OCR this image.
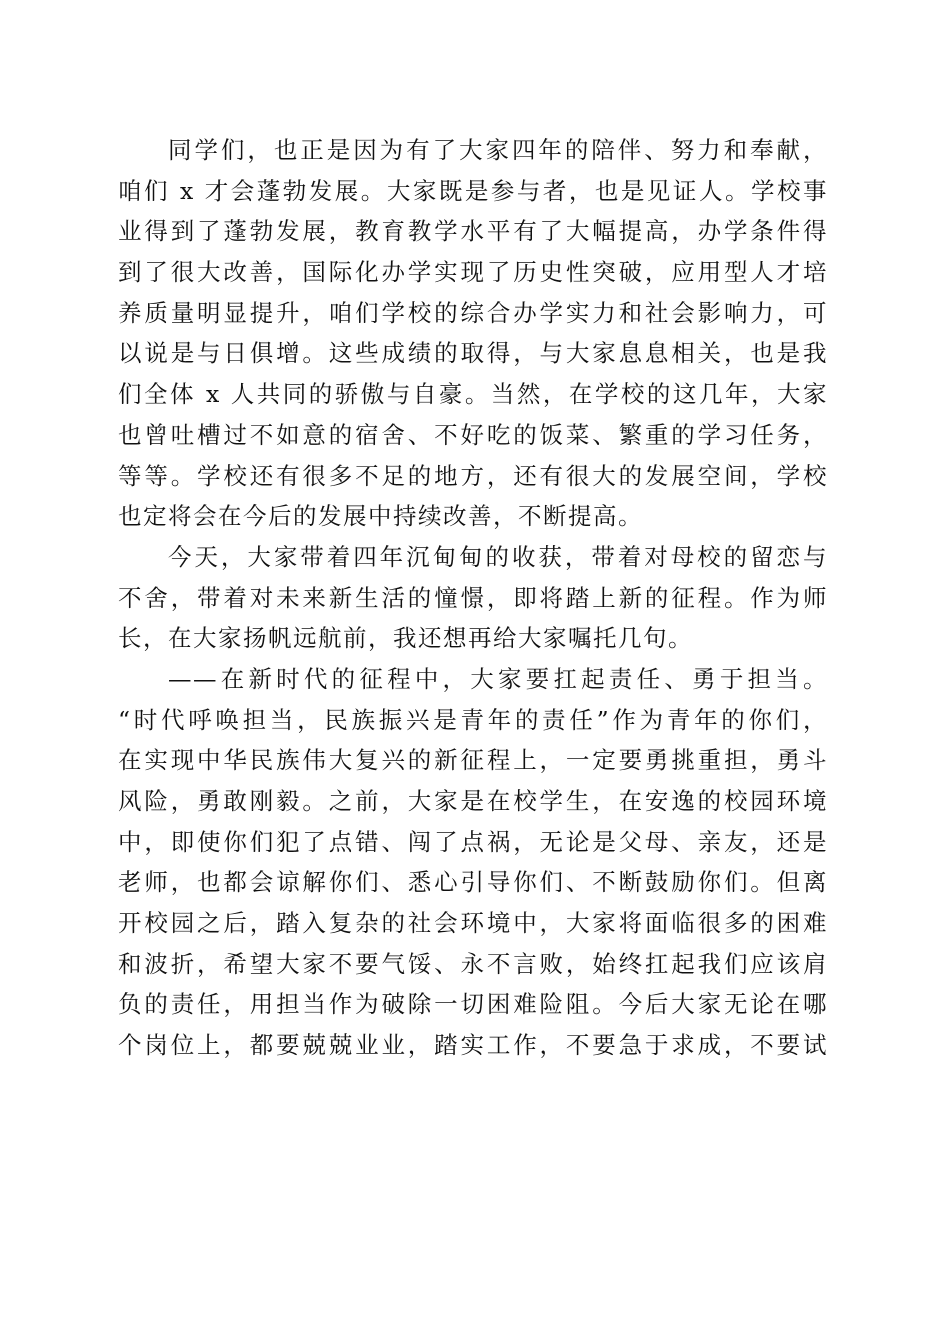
同学们，也正是因为有了大家四年的陪伴、努力和奉献，
咱们 x 才会蓬勃发展。大家既是参与者，也是见证人。学校事
业得到了蓬勃发展，教育教学水平有了大幅提高，办学条件得
到了很大改善，国际化办学实现了历史性突破，应用型人才培
养质量明显提升，咱们学校的综合办学实力和社会影响力，可
以说是与日俱增。这些成绩的取得，与大家息息相关，也是我
们全体 x 人共同的骄傲与自豪。当然，在学校的这几年，大家
也曾吐槽过不如意的宿舍、不好吃的饭菜、繁重的学习任务，
等等。学校还有很多不足的地方，还有很大的发展空间，学校
也定将会在今后的发展中持续改善，不断提高。
今天，大家带着四年沉甸甸的收获，带着对母校的留恋与
不舍，带着对未来新生活的憧憬，即将踏上新的征程。作为师
长，在大家扬帆远航前，我还想再给大家嘱托几句。
——在新时代的征程中，大家要扛起责任、勇于担当。
“时代呼唤担当，民族振兴是青年的责任”作为青年的你们，
在实现中华民族伟大复兴的新征程上，一定要勇挑重担，勇斗
风险，勇敢刚毅。之前，大家是在校学生，在安逸的校园环境
中，即使你们犯了点错、闯了点祸，无论是父母、亲友，还是
老师，也都会谅解你们、悉心引导你们、不断鼓励你们。但离
开校园之后，踏入复杂的社会环境中，大家将面临很多的困难
和波折，希望大家不要气馁、永不言败，始终扛起我们应该肩
负的责任，用担当作为破除一切困难险阻。今后大家无论在哪
个岗位上，都要兢兢业业，踏实工作，不要急于求成，不要试
